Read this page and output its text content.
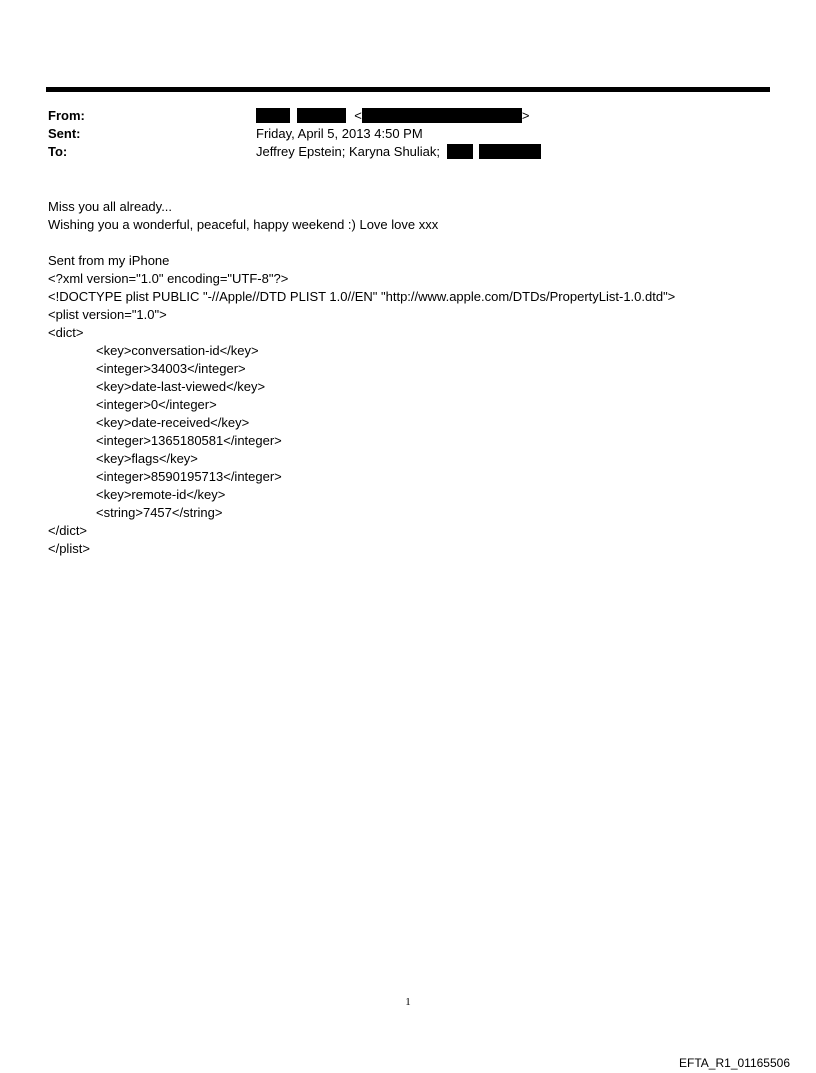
From:	<	>
Sent:	Friday, April 5, 2013 4:50 PM
To:	Jeffrey Epstein; Karyna Shuliak;

Miss you all already...

Wishing you a wonderful, peaceful, happy weekend :) Love love xxx

Sent from my iPhone

<?xml version="1.0" encoding="UTF-8"?>
<!DOCTYPE plist PUBLIC "-//Apple//DTD PLIST 1.0//EN" "http://www.apple.com/DTDs/PropertyList-1.0.dtd">
<plist version="1.0">
<dict>
<key>conversation-id</key>
<integer>34003</integer>
<key>date-last-viewed</key>
<integer>0</integer>
<key>date-received</key>
<integer>1365180581</integer>
<key>flags</key>
<integer>8590195713</integer>
<key>remote-id</key>
<string>7457</string>
</dict>
</plist>
1
EFTA_R1_01165506
